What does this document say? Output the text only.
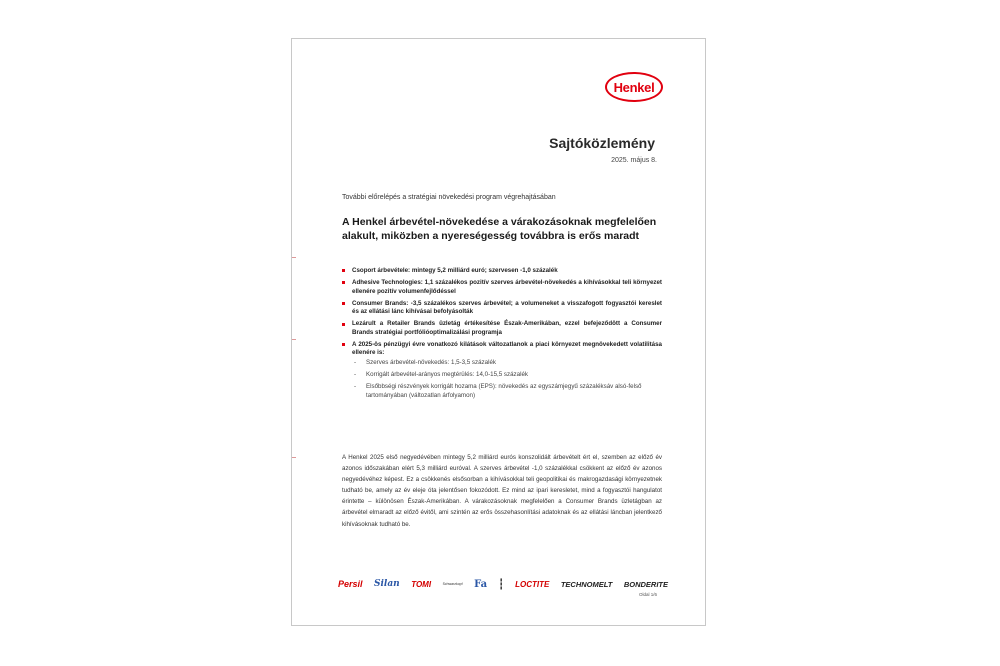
Henkel
Sajtóközlemény
2025. május 8.
További előrelépés a stratégiai növekedési program végrehajtásában
A Henkel árbevétel-növekedése a várakozásoknak megfelelően alakult, miközben a nyereségesség továbbra is erős maradt
Csoport árbevétele: mintegy 5,2 milliárd euró; szervesen -1,0 százalék
Adhesive Technologies: 1,1 százalékos pozitív szerves árbevétel-növekedés a kihívásokkal teli környezet ellenére pozitív volumenfejlődéssel
Consumer Brands: -3,5 százalékos szerves árbevétel; a volumeneket a visszafogott fogyasztói kereslet és az ellátási lánc kihívásai befolyásolták
Lezárult a Retailer Brands üzletág értékesítése Észak-Amerikában, ezzel befejeződött a Consumer Brands stratégiai portfólióoptimalizálási programja
A 2025-ös pénzügyi évre vonatkozó kilátások változatlanok a piaci környezet megnövekedett volatilitása ellenére is:
- Szerves árbevétel-növekedés: 1,5-3,5 százalék
- Korrigált árbevétel-arányos megtérülés: 14,0-15,5 százalék
- Elsőbbségi részvények korrigált hozama (EPS): növekedés az egyszámjegyű százaléksáv alsó-felső tartományában (változatlan árfolyamon)

A Henkel 2025 első negyedévében mintegy 5,2 milliárd eurós konszolidált árbevételt ért el, szemben az előző év azonos időszakában elért 5,3 milliárd euróval. A szerves árbevétel -1,0 százalékkal csökkent az előző év azonos negyedévéhez képest. Ez a csökkenés elsősorban a kihívásokkal teli geopolitikai és makrogazdasági környezetnek tudható be, amely az év eleje óta jelentősen fokozódott. Ez mind az ipari keresletet, mind a fogyasztói hangulatot érintette – különösen Észak-Amerikában. A várakozásoknak megfelelően a Consumer Brands üzletágban az árbevétel elmaradt az előző évitől, ami szintén az erős összehasonlítási adatoknak és az ellátási láncban jelentkező kihívásoknak tudható be.

Persil Silan TOMI	Schwarzkopf Fa	▮
▮
▮ LOCTITE TECHNOMELT BONDERITE
Oldal 1/6
